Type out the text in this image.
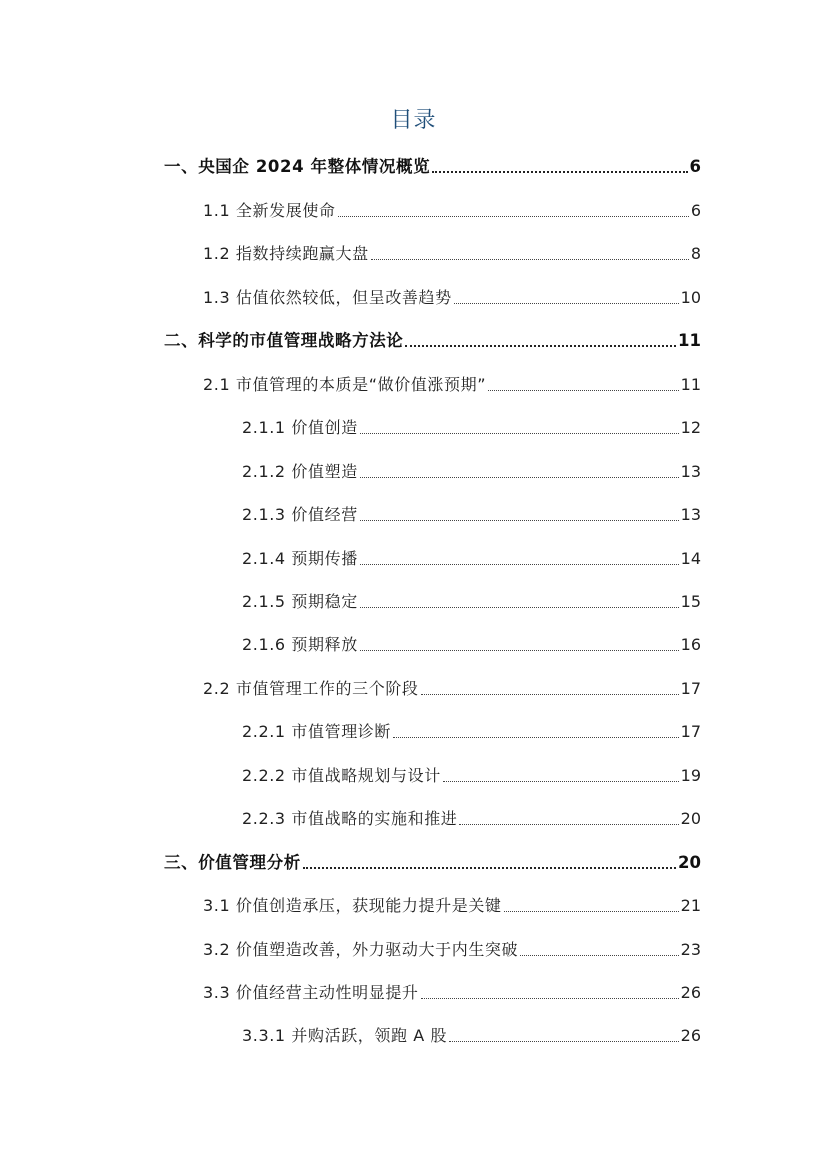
目录
一、央国企 2024 年整体情况概览	6
1.1 全新发展使命	6
1.2 指数持续跑赢大盘	8
1.3 估值依然较低，但呈改善趋势	10
二、科学的市值管理战略方法论	11
2.1 市值管理的本质是“做价值涨预期”	11
2.1.1 价值创造	12
2.1.2 价值塑造	13
2.1.3 价值经营	13
2.1.4 预期传播	14
2.1.5 预期稳定	15
2.1.6 预期释放	16
2.2 市值管理工作的三个阶段	17
2.2.1 市值管理诊断	17
2.2.2 市值战略规划与设计	19
2.2.3 市值战略的实施和推进	20
三、价值管理分析	20
3.1 价值创造承压，获现能力提升是关键	21
3.2 价值塑造改善，外力驱动大于内生突破	23
3.3 价值经营主动性明显提升	26
3.3.1 并购活跃，领跑 A 股	26
